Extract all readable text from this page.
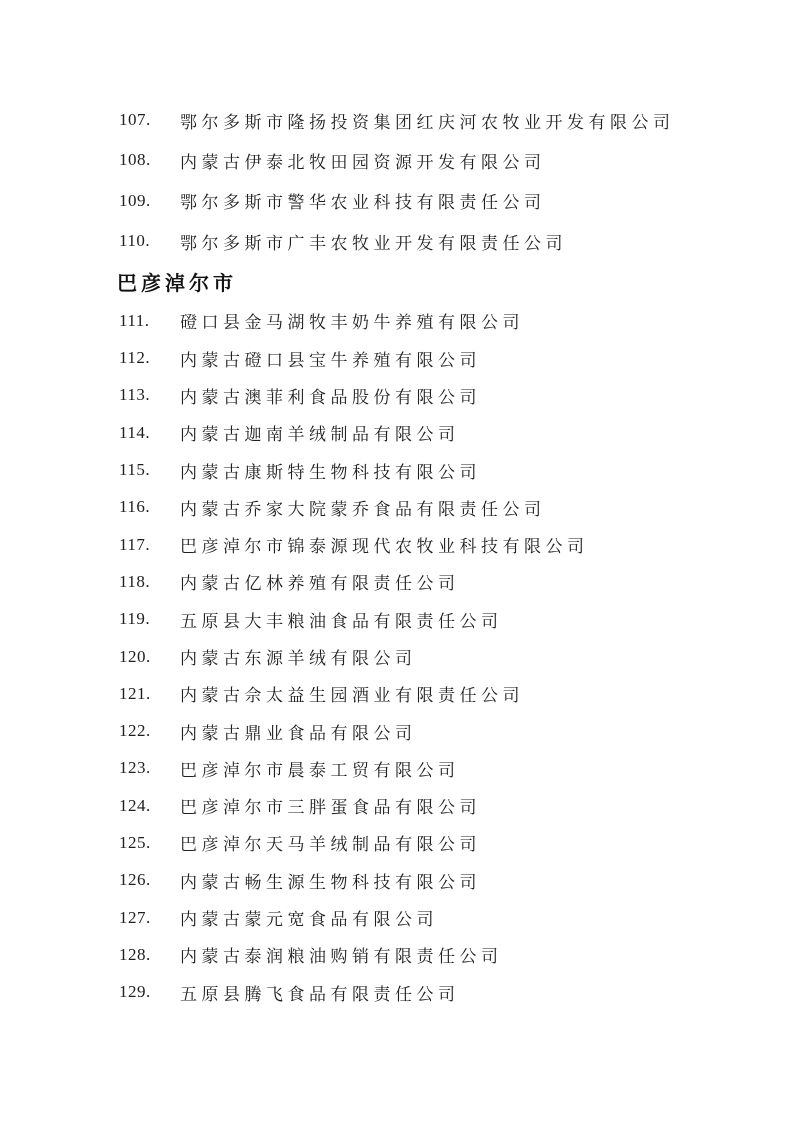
107.	鄂尔多斯市隆扬投资集团红庆河农牧业开发有限公司
108.	内蒙古伊泰北牧田园资源开发有限公司
109.	鄂尔多斯市警华农业科技有限责任公司
110.	鄂尔多斯市广丰农牧业开发有限责任公司
巴彦淖尔市
111.	磴口县金马湖牧丰奶牛养殖有限公司
112.	内蒙古磴口县宝牛养殖有限公司
113.	内蒙古澳菲利食品股份有限公司
114.	内蒙古迦南羊绒制品有限公司
115.	内蒙古康斯特生物科技有限公司
116.	内蒙古乔家大院蒙乔食品有限责任公司
117.	巴彦淖尔市锦泰源现代农牧业科技有限公司
118.	内蒙古亿林养殖有限责任公司
119.	五原县大丰粮油食品有限责任公司
120.	内蒙古东源羊绒有限公司
121.	内蒙古佘太益生园酒业有限责任公司
122.	内蒙古鼎业食品有限公司
123.	巴彦淖尔市晨泰工贸有限公司
124.	巴彦淖尔市三胖蛋食品有限公司
125.	巴彦淖尔天马羊绒制品有限公司
126.	内蒙古畅生源生物科技有限公司
127.	内蒙古蒙元宽食品有限公司
128.	内蒙古泰润粮油购销有限责任公司
129.	五原县腾飞食品有限责任公司
